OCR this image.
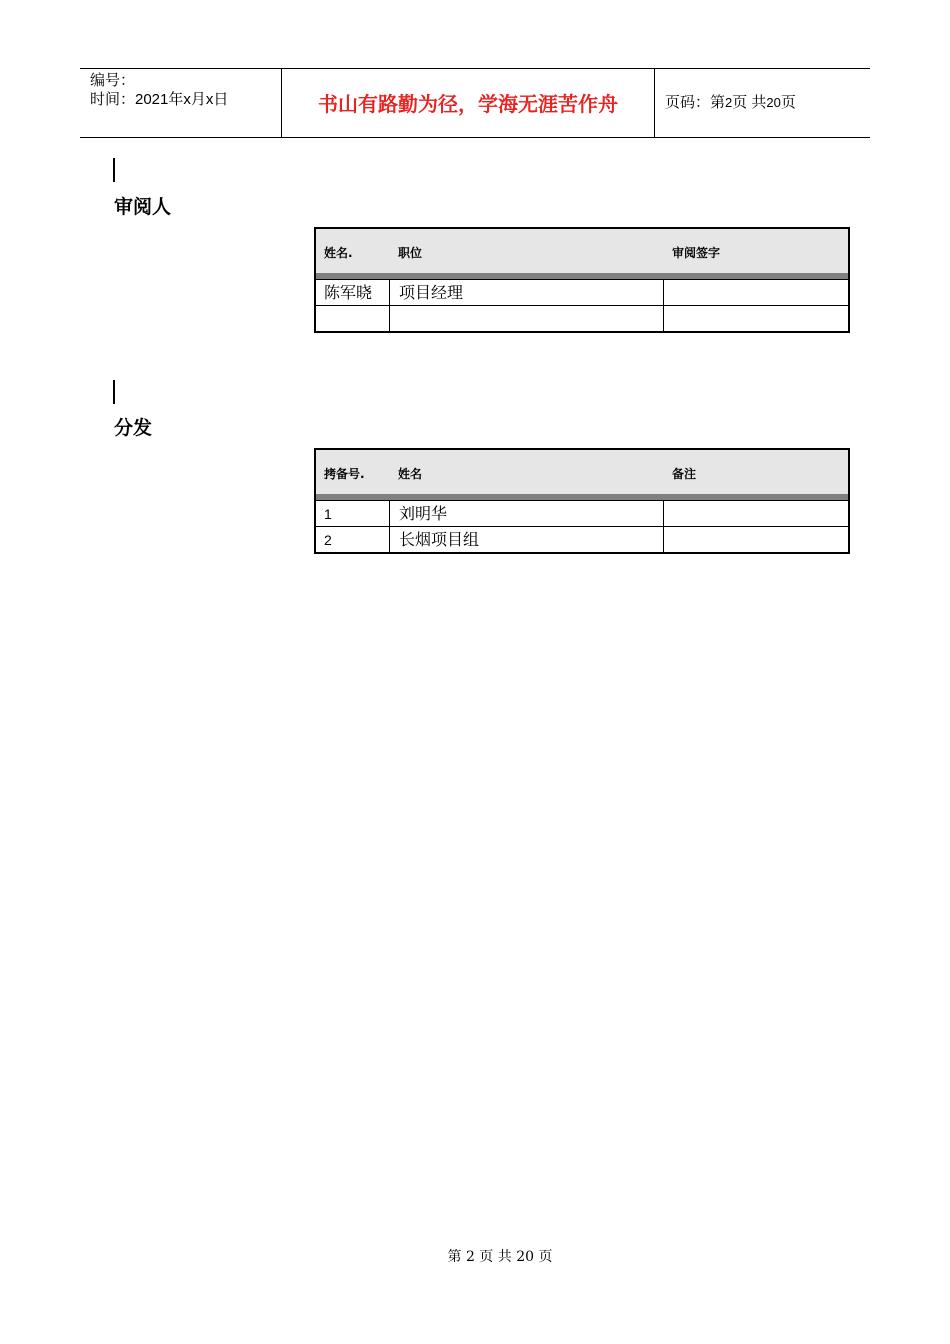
编号：
时间：2021年x月x日	书山有路勤为径，学海无涯苦作舟	页码：第2页 共20页
审阅人
姓名.	职位	审阅签字
陈军晓 项目经理
分发
拷备号.	姓名	备注
1	刘明华
2	长烟项目组
第 2 页 共 20 页
